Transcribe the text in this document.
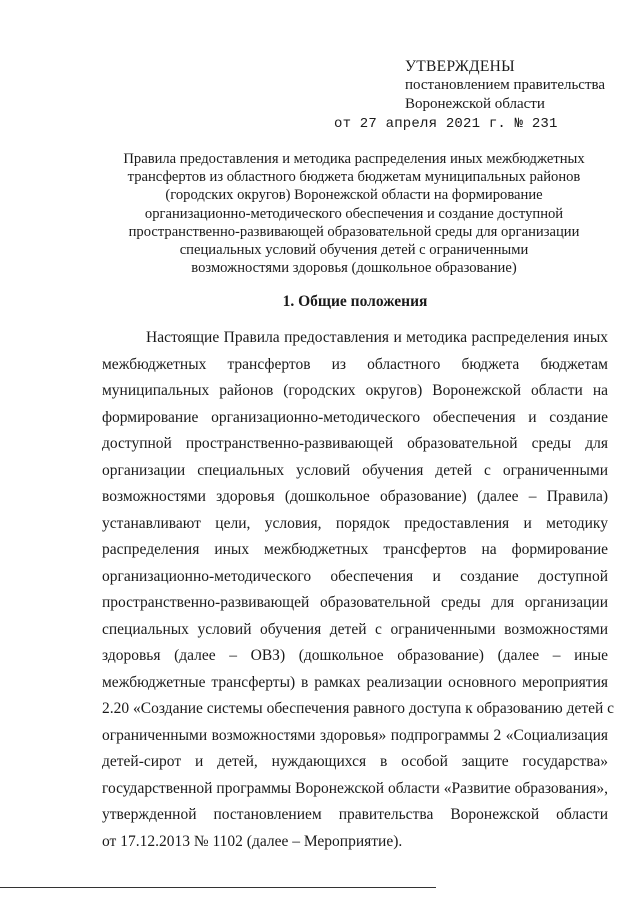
УТВЕРЖДЕНЫ
постановлением правительства
Воронежской области
от 27 апреля 2021 г. № 231
Правила предоставления и методика распределения иных межбюджетных
трансфертов из областного бюджета бюджетам муниципальных районов
(городских округов) Воронежской области на формирование
организационно-методического обеспечения и создание доступной
пространственно-развивающей образовательной среды для организации
специальных условий обучения детей с ограниченными
возможностями здоровья (дошкольное образование)
1. Общие положения
Настоящие Правила предоставления и методика распределения иных
межбюджетных трансфертов из областного бюджета бюджетам
муниципальных районов (городских округов) Воронежской области на
формирование организационно-методического обеспечения и создание
доступной пространственно-развивающей образовательной среды для
организации специальных условий обучения детей с ограниченными
возможностями здоровья (дошкольное образование) (далее – Правила)
устанавливают цели, условия, порядок предоставления и методику
распределения иных межбюджетных трансфертов на формирование
организационно-методического обеспечения и создание доступной
пространственно-развивающей образовательной среды для организации
специальных условий обучения детей с ограниченными возможностями
здоровья (далее – ОВЗ) (дошкольное образование) (далее – иные
межбюджетные трансферты) в рамках реализации основного мероприятия
2.20 «Создание системы обеспечения равного доступа к образованию детей с
ограниченными возможностями здоровья» подпрограммы 2 «Социализация
детей-сирот и детей, нуждающихся в особой защите государства»
государственной программы Воронежской области «Развитие образования»,
утвержденной постановлением правительства Воронежской области
от 17.12.2013 № 1102 (далее – Мероприятие).
